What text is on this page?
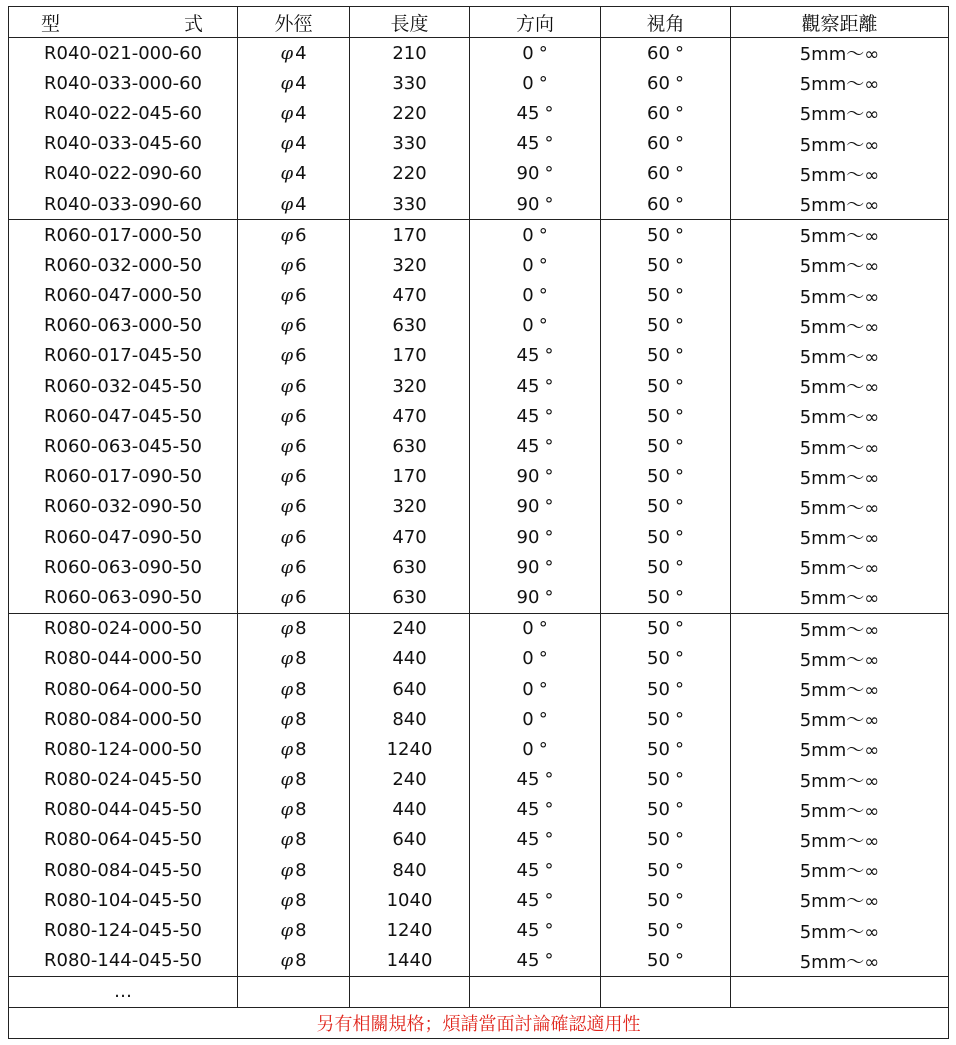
型 式	外徑	長度	方向	視角	觀察距離
R040-021-000-60	φ 4	210	0 °	60 °	5mm～∞
R040-033-000-60	φ 4	330	0 °	60 °	5mm～∞
R040-022-045-60	φ 4	220	45 °	60 °	5mm～∞
R040-033-045-60	φ 4	330	45 °	60 °	5mm～∞
R040-022-090-60	φ 4	220	90 °	60 °	5mm～∞
R040-033-090-60	φ 4	330	90 °	60 °	5mm～∞
R060-017-000-50	φ 6	170	0 °	50 °	5mm～∞
R060-032-000-50	φ 6	320	0 °	50 °	5mm～∞
R060-047-000-50	φ 6	470	0 °	50 °	5mm～∞
R060-063-000-50	φ 6	630	0 °	50 °	5mm～∞
R060-017-045-50	φ 6	170	45 °	50 °	5mm～∞
R060-032-045-50	φ 6	320	45 °	50 °	5mm～∞
R060-047-045-50	φ 6	470	45 °	50 °	5mm～∞
R060-063-045-50	φ 6	630	45 °	50 °	5mm～∞
R060-017-090-50	φ 6	170	90 °	50 °	5mm～∞
R060-032-090-50	φ 6	320	90 °	50 °	5mm～∞
R060-047-090-50	φ 6	470	90 °	50 °	5mm～∞
R060-063-090-50	φ 6	630	90 °	50 °	5mm～∞
R060-063-090-50	φ 6	630	90 °	50 °	5mm～∞
R080-024-000-50	φ 8	240	0 °	50 °	5mm～∞
R080-044-000-50	φ 8	440	0 °	50 °	5mm～∞
R080-064-000-50	φ 8	640	0 °	50 °	5mm～∞
R080-084-000-50	φ 8	840	0 °	50 °	5mm～∞
R080-124-000-50	φ 8	1240	0 °	50 °	5mm～∞
R080-024-045-50	φ 8	240	45 °	50 °	5mm～∞
R080-044-045-50	φ 8	440	45 °	50 °	5mm～∞
R080-064-045-50	φ 8	640	45 °	50 °	5mm～∞
R080-084-045-50	φ 8	840	45 °	50 °	5mm～∞
R080-104-045-50	φ 8	1040	45 °	50 °	5mm～∞
R080-124-045-50	φ 8	1240	45 °	50 °	5mm～∞
R080-144-045-50	φ 8	1440	45 °	50 °	5mm～∞
…					
另有相關規格；煩請當面討論確認適用性					
